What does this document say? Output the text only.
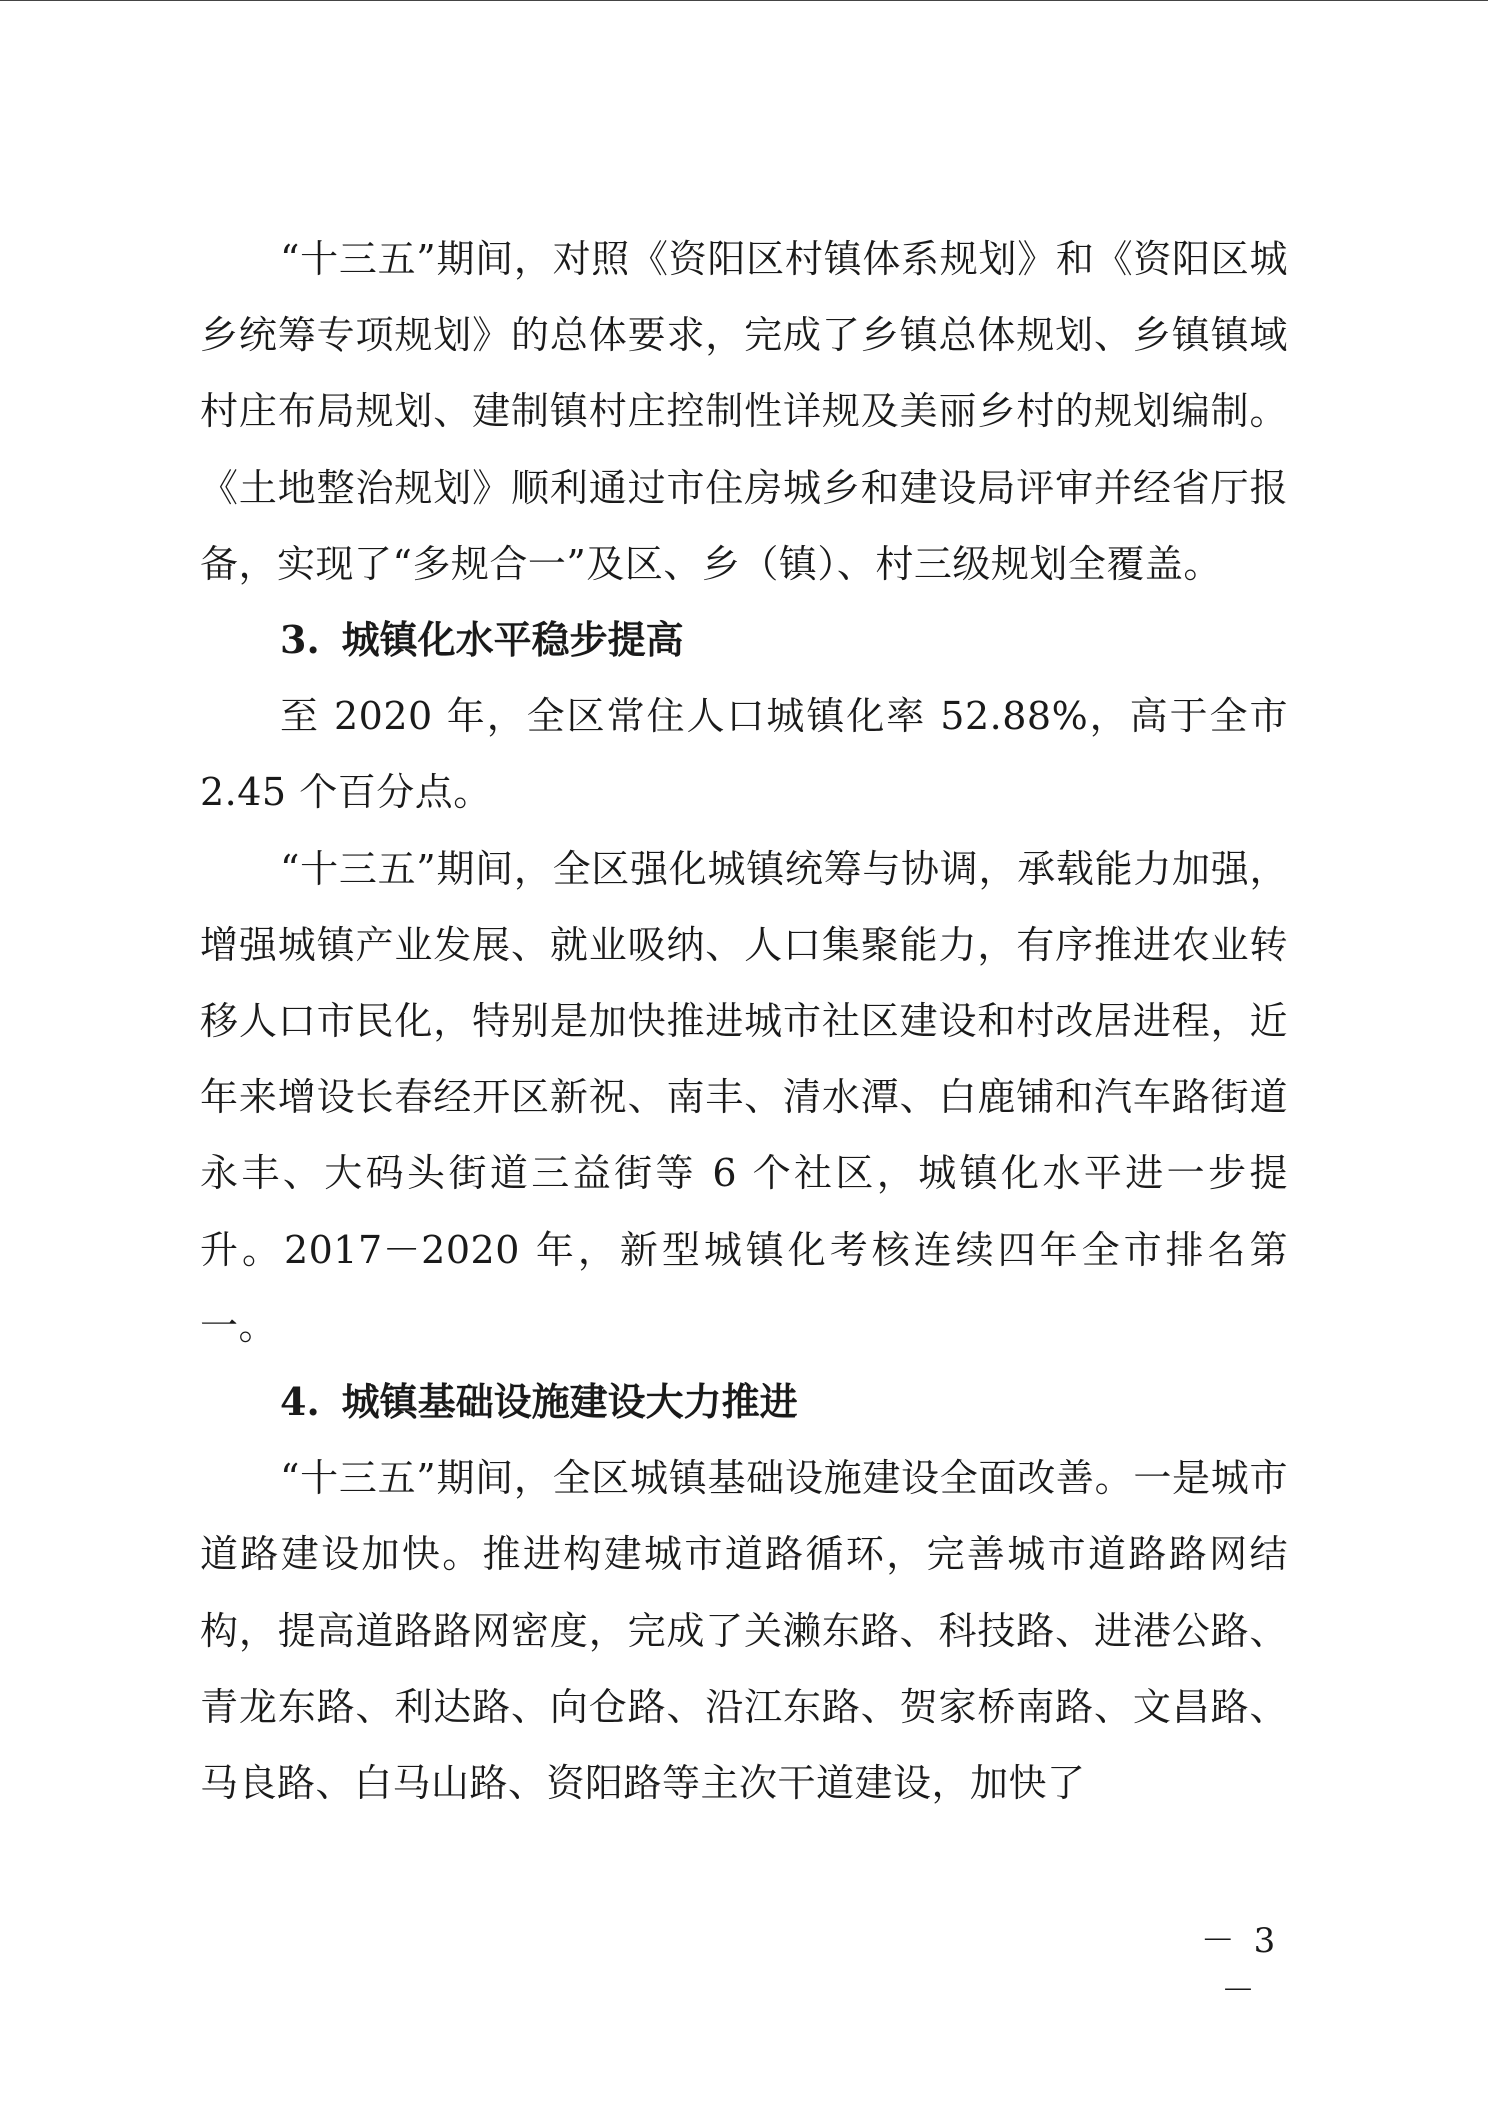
“十三五”期间，对照《资阳区村镇体系规划》和《资阳区城乡统筹专项规划》的总体要求，完成了乡镇总体规划、乡镇镇域村庄布局规划、建制镇村庄控制性详规及美丽乡村的规划编制。《土地整治规划》顺利通过市住房城乡和建设局评审并经省厅报备，实现了“多规合一”及区、乡（镇）、村三级规划全覆盖。

3. 城镇化水平稳步提高

至 2020 年，全区常住人口城镇化率 52.88%，高于全市 2.45 个百分点。

“十三五”期间，全区强化城镇统筹与协调，承载能力加强，增强城镇产业发展、就业吸纳、人口集聚能力，有序推进农业转移人口市民化，特别是加快推进城市社区建设和村改居进程，近年来增设长春经开区新祝、南丰、清水潭、白鹿铺和汽车路街道永丰、大码头街道三益街等 6 个社区，城镇化水平进一步提升。2017－2020 年，新型城镇化考核连续四年全市排名第一。

4. 城镇基础设施建设大力推进

“十三五”期间，全区城镇基础设施建设全面改善。一是城市道路建设加快。推进构建城市道路循环，完善城市道路路网结构，提高道路路网密度，完成了关濑东路、科技路、进港公路、青龙东路、利达路、向仓路、沿江东路、贺家桥南路、文昌路、马良路、白马山路、资阳路等主次干道建设，加快了

－ 3 －
